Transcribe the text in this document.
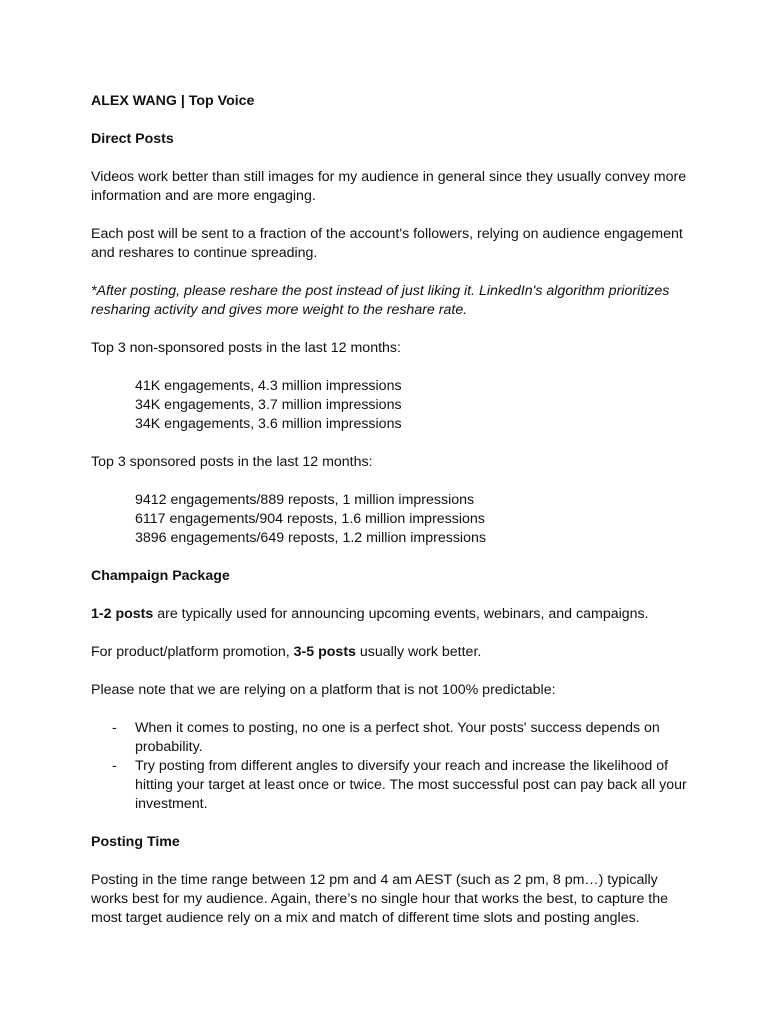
ALEX WANG | Top Voice

Direct Posts

Videos work better than still images for my audience in general since they usually convey more information and are more engaging.

Each post will be sent to a fraction of the account's followers, relying on audience engagement and reshares to continue spreading.

*After posting, please reshare the post instead of just liking it. LinkedIn's algorithm prioritizes resharing activity and gives more weight to the reshare rate.

Top 3 non-sponsored posts in the last 12 months:

41K engagements, 4.3 million impressions

34K engagements, 3.7 million impressions

34K engagements, 3.6 million impressions

Top 3 sponsored posts in the last 12 months:

9412 engagements/889 reposts, 1 million impressions

6117 engagements/904 reposts, 1.6 million impressions

3896 engagements/649 reposts, 1.2 million impressions

Champaign Package

1-2 posts are typically used for announcing upcoming events, webinars, and campaigns.

For product/platform promotion, 3-5 posts usually work better.

Please note that we are relying on a platform that is not 100% predictable:

- When it comes to posting, no one is a perfect shot. Your posts' success depends on probability.
- Try posting from different angles to diversify your reach and increase the likelihood of hitting your target at least once or twice. The most successful post can pay back all your investment.

Posting Time

Posting in the time range between 12 pm and 4 am AEST (such as 2 pm, 8 pm…) typically works best for my audience. Again, there’s no single hour that works the best, to capture the most target audience rely on a mix and match of different time slots and posting angles.
